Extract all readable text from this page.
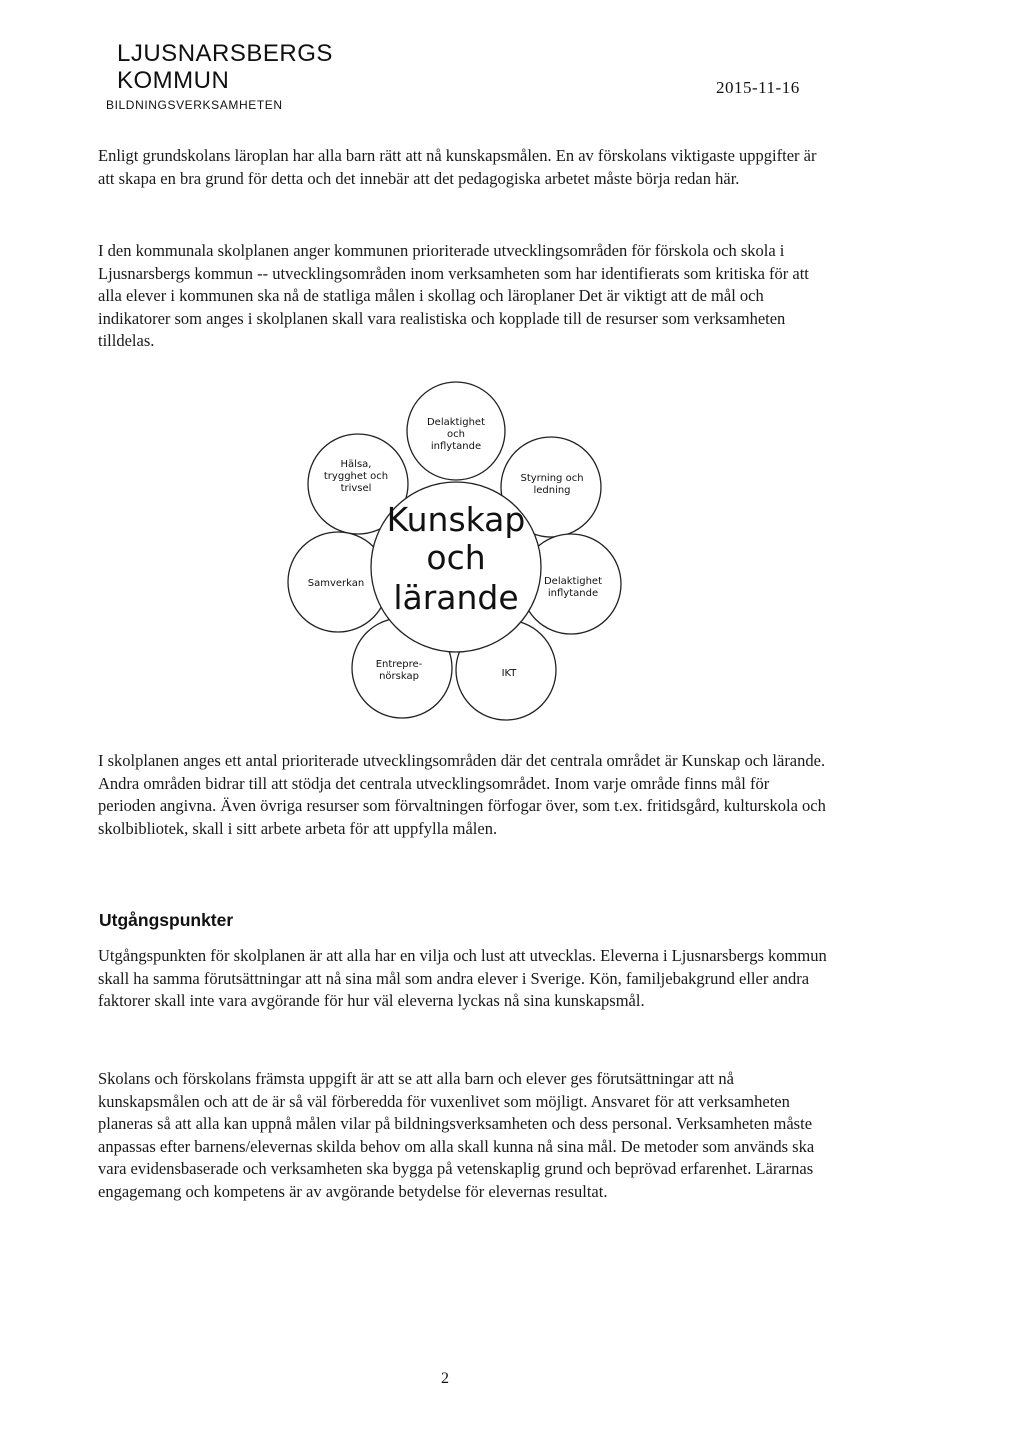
LJUSNARSBERGS
KOMMUN
BILDNINGSVERKSAMHETEN
2015-11-16

Enligt grundskolans läroplan har alla barn rätt att nå kunskapsmålen. En av förskolans viktigaste uppgifter är att skapa en bra grund för detta och det innebär att det pedagogiska arbetet måste börja redan här.

I den kommunala skolplanen anger kommunen prioriterade utvecklingsområden för förskola och skola i Ljusnarsbergs kommun -- utvecklingsområden inom verksamheten som har identifierats som kritiska för att alla elever i kommunen ska nå de statliga målen i skollag och läroplaner Det är viktigt att de mål och indikatorer som anges i skolplanen skall vara realistiska och kopplade till de resurser som verksamheten tilldelas.

Kunskap
och
lärande
Delaktighet
och
inflytande
Hälsa,
trygghet och
trivsel
Styrning och
ledning
Samverkan	Delaktighet
inflytande
Entrepre-
nörskap	IKT

I skolplanen anges ett antal prioriterade utvecklingsområden där det centrala området är Kunskap och lärande. Andra områden bidrar till att stödja det centrala utvecklingsområdet. Inom varje område finns mål för perioden angivna. Även övriga resurser som förvaltningen förfogar över, som t.ex. fritidsgård, kulturskola och skolbibliotek, skall i sitt arbete arbeta för att uppfylla målen.

Utgångspunkter

Utgångspunkten för skolplanen är att alla har en vilja och lust att utvecklas. Eleverna i Ljusnarsbergs kommun skall ha samma förutsättningar att nå sina mål som andra elever i Sverige. Kön, familjebakgrund eller andra faktorer skall inte vara avgörande för hur väl eleverna lyckas nå sina kunskapsmål.

Skolans och förskolans främsta uppgift är att se att alla barn och elever ges förutsättningar att nå kunskapsmålen och att de är så väl förberedda för vuxenlivet som möjligt. Ansvaret för att verksamheten planeras så att alla kan uppnå målen vilar på bildningsverksamheten och dess personal. Verksamheten måste anpassas efter barnens/elevernas skilda behov om alla skall kunna nå sina mål. De metoder som används ska vara evidensbaserade och verksamheten ska bygga på vetenskaplig grund och beprövad erfarenhet. Lärarnas engagemang och kompetens är av avgörande betydelse för elevernas resultat.

2
